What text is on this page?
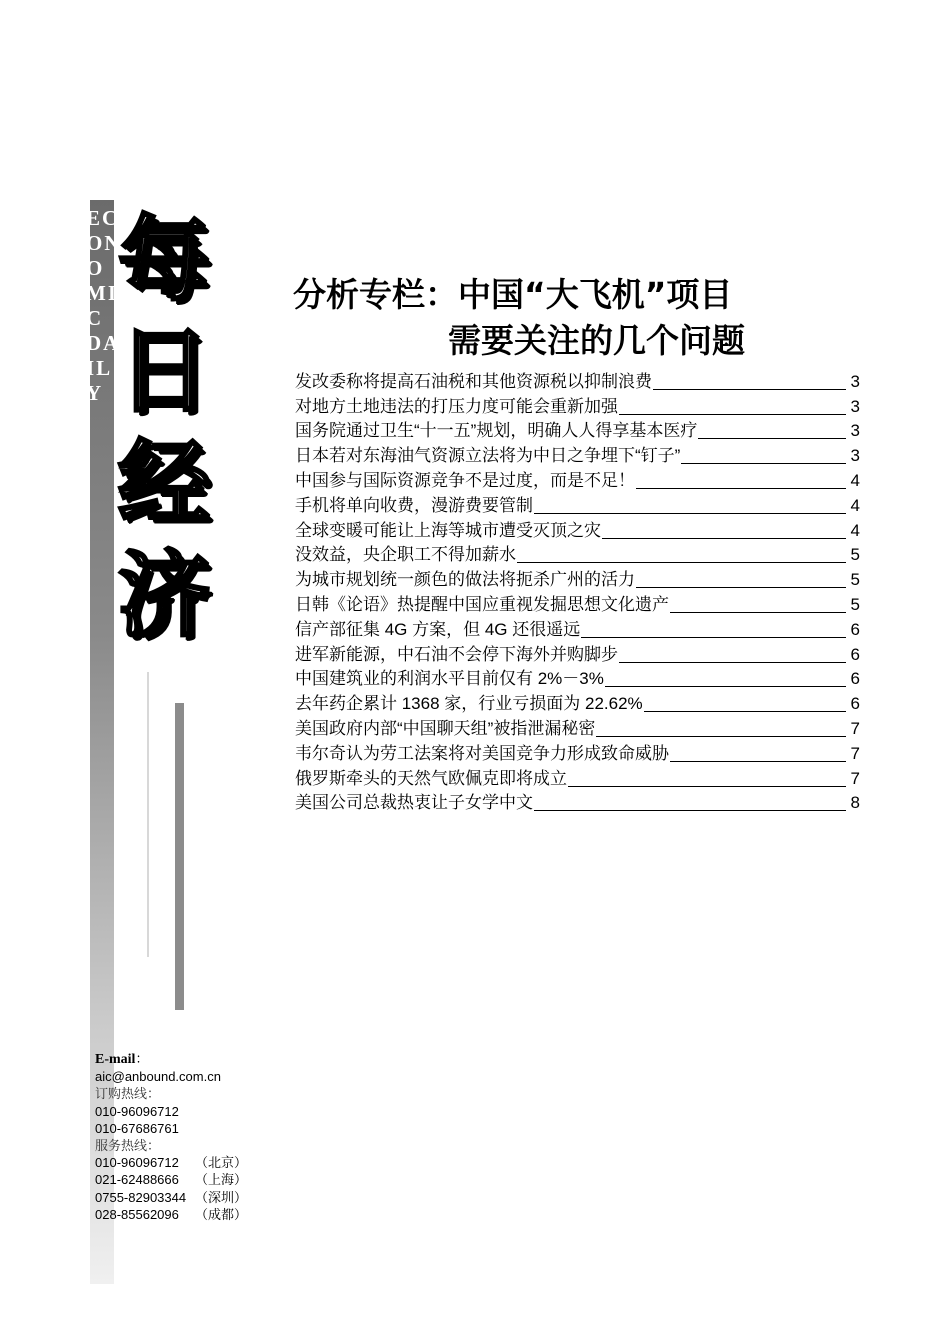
EC
ON
O
MI
C
DA
IL
Y
每
日
经
济
分析专栏：中国“大飞机”项目
需要关注的几个问题
发改委称将提高石油税和其他资源税以抑制浪费	3
对地方土地违法的打压力度可能会重新加强	3
国务院通过卫生“十一五”规划，明确人人得享基本医疗	3
日本若对东海油气资源立法将为中日之争埋下“钉子”	3
中国参与国际资源竞争不是过度，而是不足！	4
手机将单向收费，漫游费要管制	4
全球变暖可能让上海等城市遭受灭顶之灾	4
没效益，央企职工不得加薪水	5
为城市规划统一颜色的做法将扼杀广州的活力	5
日韩《论语》热提醒中国应重视发掘思想文化遗产	5
信产部征集 4G 方案，但 4G 还很遥远	6
进军新能源，中石油不会停下海外并购脚步	6
中国建筑业的利润水平目前仅有 2%－3%	6
去年药企累计 1368 家，行业亏损面为 22.62%	6
美国政府内部“中国聊天组”被指泄漏秘密	7
韦尔奇认为劳工法案将对美国竞争力形成致命威胁	7
俄罗斯牵头的天然气欧佩克即将成立	7
美国公司总裁热衷让子女学中文	8
E-mail：
aic@anbound.com.cn
订购热线：
010-96096712
010-67686761
服务热线：
010-96096712 （北京）
021-62488666 （上海）
0755-82903344 （深圳）
028-85562096 （成都）
